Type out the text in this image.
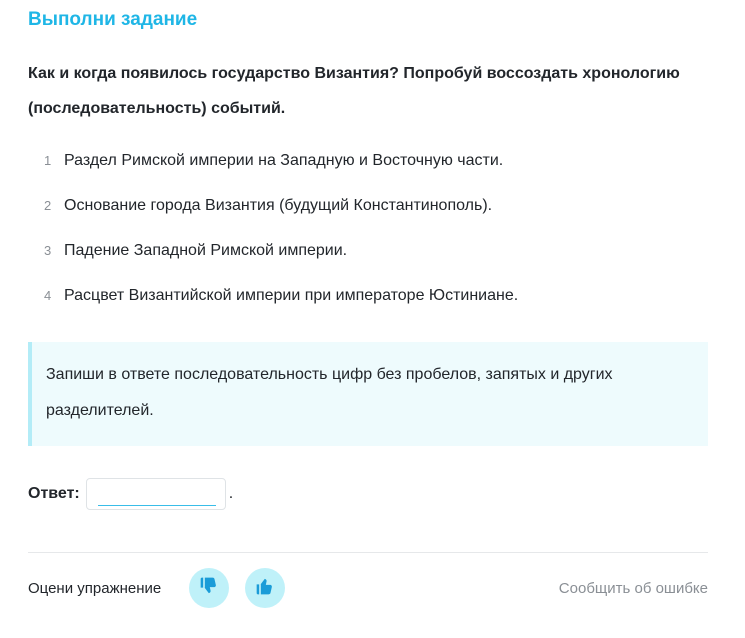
Выполни задание
Как и когда появилось государство Византия? Попробуй воссоздать хронологию (последовательность) событий.
1 Раздел Римской империи на Западную и Восточную части.
2 Основание города Византия (будущий Константинополь).
3 Падение Западной Римской империи.
4 Расцвет Византийской империи при императоре Юстиниане.
Запиши в ответе последовательность цифр без пробелов, запятых и других разделителей.
Ответ:	.
Оцени упражнение	Сообщить об ошибке
